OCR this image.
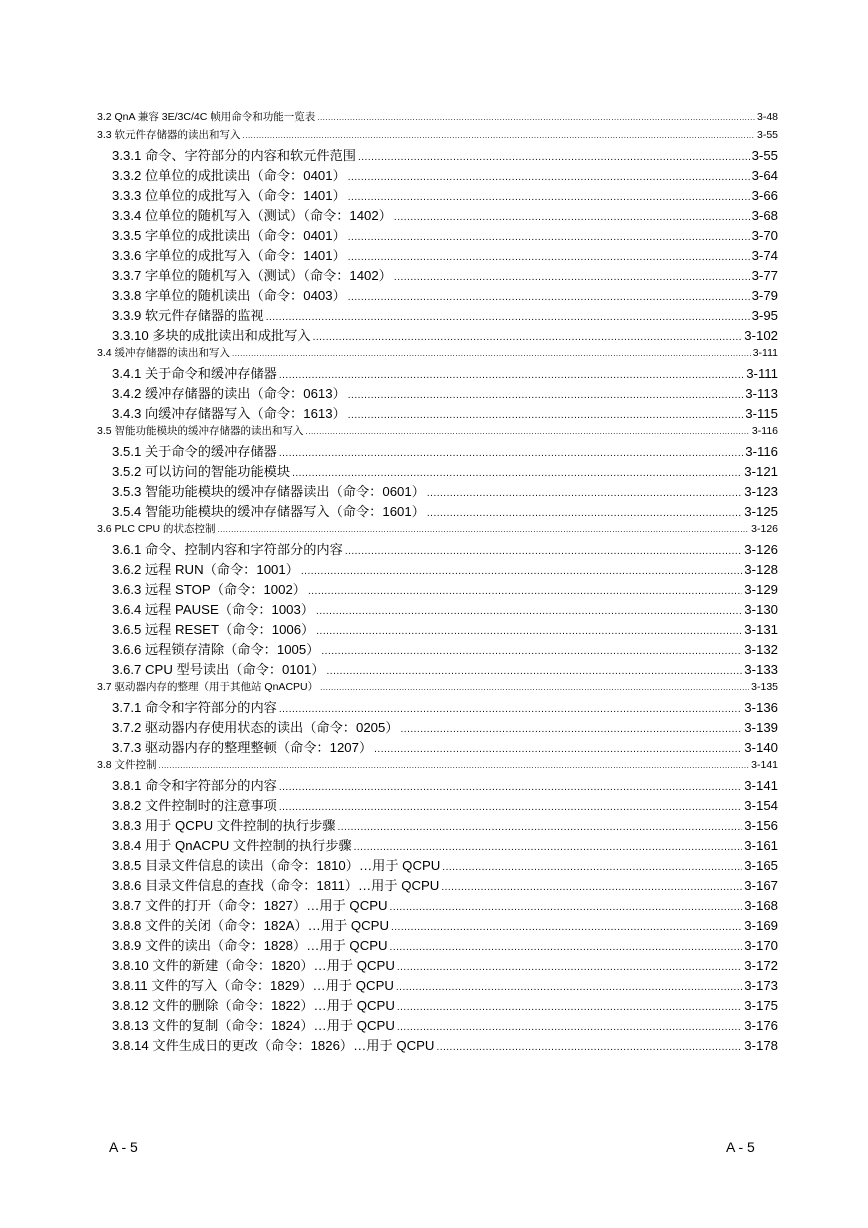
3.2 QnA 兼容 3E/3C/4C 帧用命令和功能一览表 .....	3-48
3.3 软元件存储器的读出和写入 .....	3-55
3.3.1 命令、字符部分的内容和软元件范围 .....	3-55
3.3.2 位单位的成批读出（命令：0401） .....	3-64
3.3.3 位单位的成批写入（命令：1401） .....	3-66
3.3.4 位单位的随机写入（测试）（命令：1402） .....	3-68
3.3.5 字单位的成批读出（命令：0401） .....	3-70
3.3.6 字单位的成批写入（命令：1401） .....	3-74
3.3.7 字单位的随机写入（测试）（命令：1402） .....	3-77
3.3.8 字单位的随机读出（命令：0403） .....	3-79
3.3.9 软元件存储器的监视 .....	3-95
3.3.10 多块的成批读出和成批写入 .....	3-102
3.4 缓冲存储器的读出和写入 .....	3-111
3.4.1 关于命令和缓冲存储器 .....	3-111
3.4.2 缓冲存储器的读出（命令：0613） .....	3-113
3.4.3 向缓冲存储器写入（命令：1613） .....	3-115
3.5 智能功能模块的缓冲存储器的读出和写入 .....	3-116
3.5.1 关于命令的缓冲存储器 .....	3-116
3.5.2 可以访问的智能功能模块 .....	3-121
3.5.3 智能功能模块的缓冲存储器读出（命令：0601） .....	3-123
3.5.4 智能功能模块的缓冲存储器写入（命令：1601） .....	3-125
3.6 PLC CPU 的状态控制 .....	3-126
3.6.1 命令、控制内容和字符部分的内容 .....	3-126
3.6.2 远程 RUN（命令：1001） .....	3-128
3.6.3 远程 STOP（命令：1002） .....	3-129
3.6.4 远程 PAUSE（命令：1003） .....	3-130
3.6.5 远程 RESET（命令：1006） .....	3-131
3.6.6 远程锁存清除（命令：1005） .....	3-132
3.6.7 CPU 型号读出（命令：0101） .....	3-133
3.7 驱动器内存的整理（用于其他站 QnACPU） .....	3-135
3.7.1 命令和字符部分的内容 .....	3-136
3.7.2 驱动器内存使用状态的读出（命令：0205） .....	3-139
3.7.3 驱动器内存的整理整顿（命令：1207） .....	3-140
3.8 文件控制 .....	3-141
3.8.1 命令和字符部分的内容 .....	3-141
3.8.2 文件控制时的注意事项 .....	3-154
3.8.3 用于 QCPU 文件控制的执行步骤 .....	3-156
3.8.4 用于 QnACPU 文件控制的执行步骤 .....	3-161
3.8.5 目录文件信息的读出（命令：1810）…用于 QCPU .....	3-165
3.8.6 目录文件信息的查找（命令：1811）…用于 QCPU .....	3-167
3.8.7 文件的打开（命令：1827）…用于 QCPU .....	3-168
3.8.8 文件的关闭（命令：182A）…用于 QCPU .....	3-169
3.8.9 文件的读出（命令：1828）…用于 QCPU .....	3-170
3.8.10 文件的新建（命令：1820）…用于 QCPU .....	3-172
3.8.11 文件的写入（命令：1829）…用于 QCPU .....	3-173
3.8.12 文件的删除（命令：1822）…用于 QCPU .....	3-175
3.8.13 文件的复制（命令：1824）…用于 QCPU .....	3-176
3.8.14 文件生成日的更改（命令：1826）…用于 QCPU .....	3-178
A - 5	A - 5
